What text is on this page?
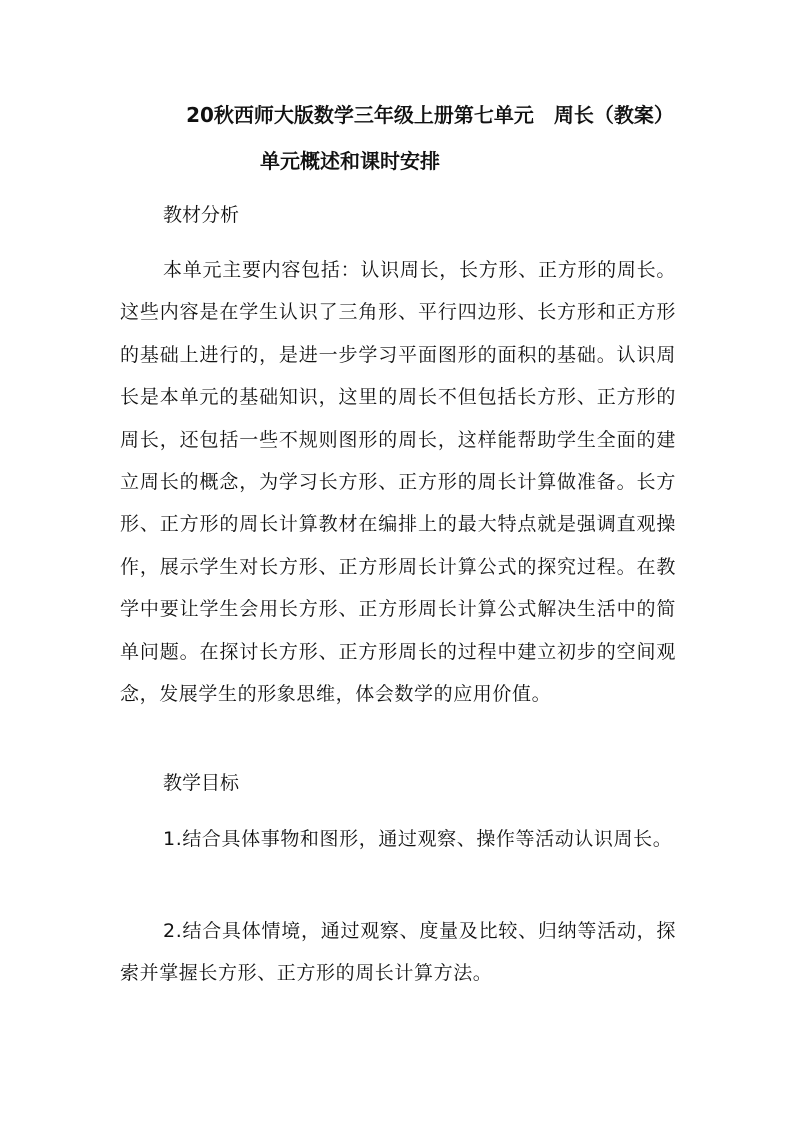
20秋西师大版数学三年级上册第七单元　周长（教案）
单元概述和课时安排
教材分析
本单元主要内容包括：认识周长，长方形、正方形的周长。这些内容是在学生认识了三角形、平行四边形、长方形和正方形的基础上进行的，是进一步学习平面图形的面积的基础。认识周长是本单元的基础知识，这里的周长不但包括长方形、正方形的周长，还包括一些不规则图形的周长，这样能帮助学生全面的建立周长的概念，为学习长方形、正方形的周长计算做准备。长方形、正方形的周长计算教材在编排上的最大特点就是强调直观操作，展示学生对长方形、正方形周长计算公式的探究过程。在教学中要让学生会用长方形、正方形周长计算公式解决生活中的简单问题。在探讨长方形、正方形周长的过程中建立初步的空间观念，发展学生的形象思维，体会数学的应用价值。
教学目标
1.结合具体事物和图形，通过观察、操作等活动认识周长。
2.结合具体情境，通过观察、度量及比较、归纳等活动，探索并掌握长方形、正方形的周长计算方法。
